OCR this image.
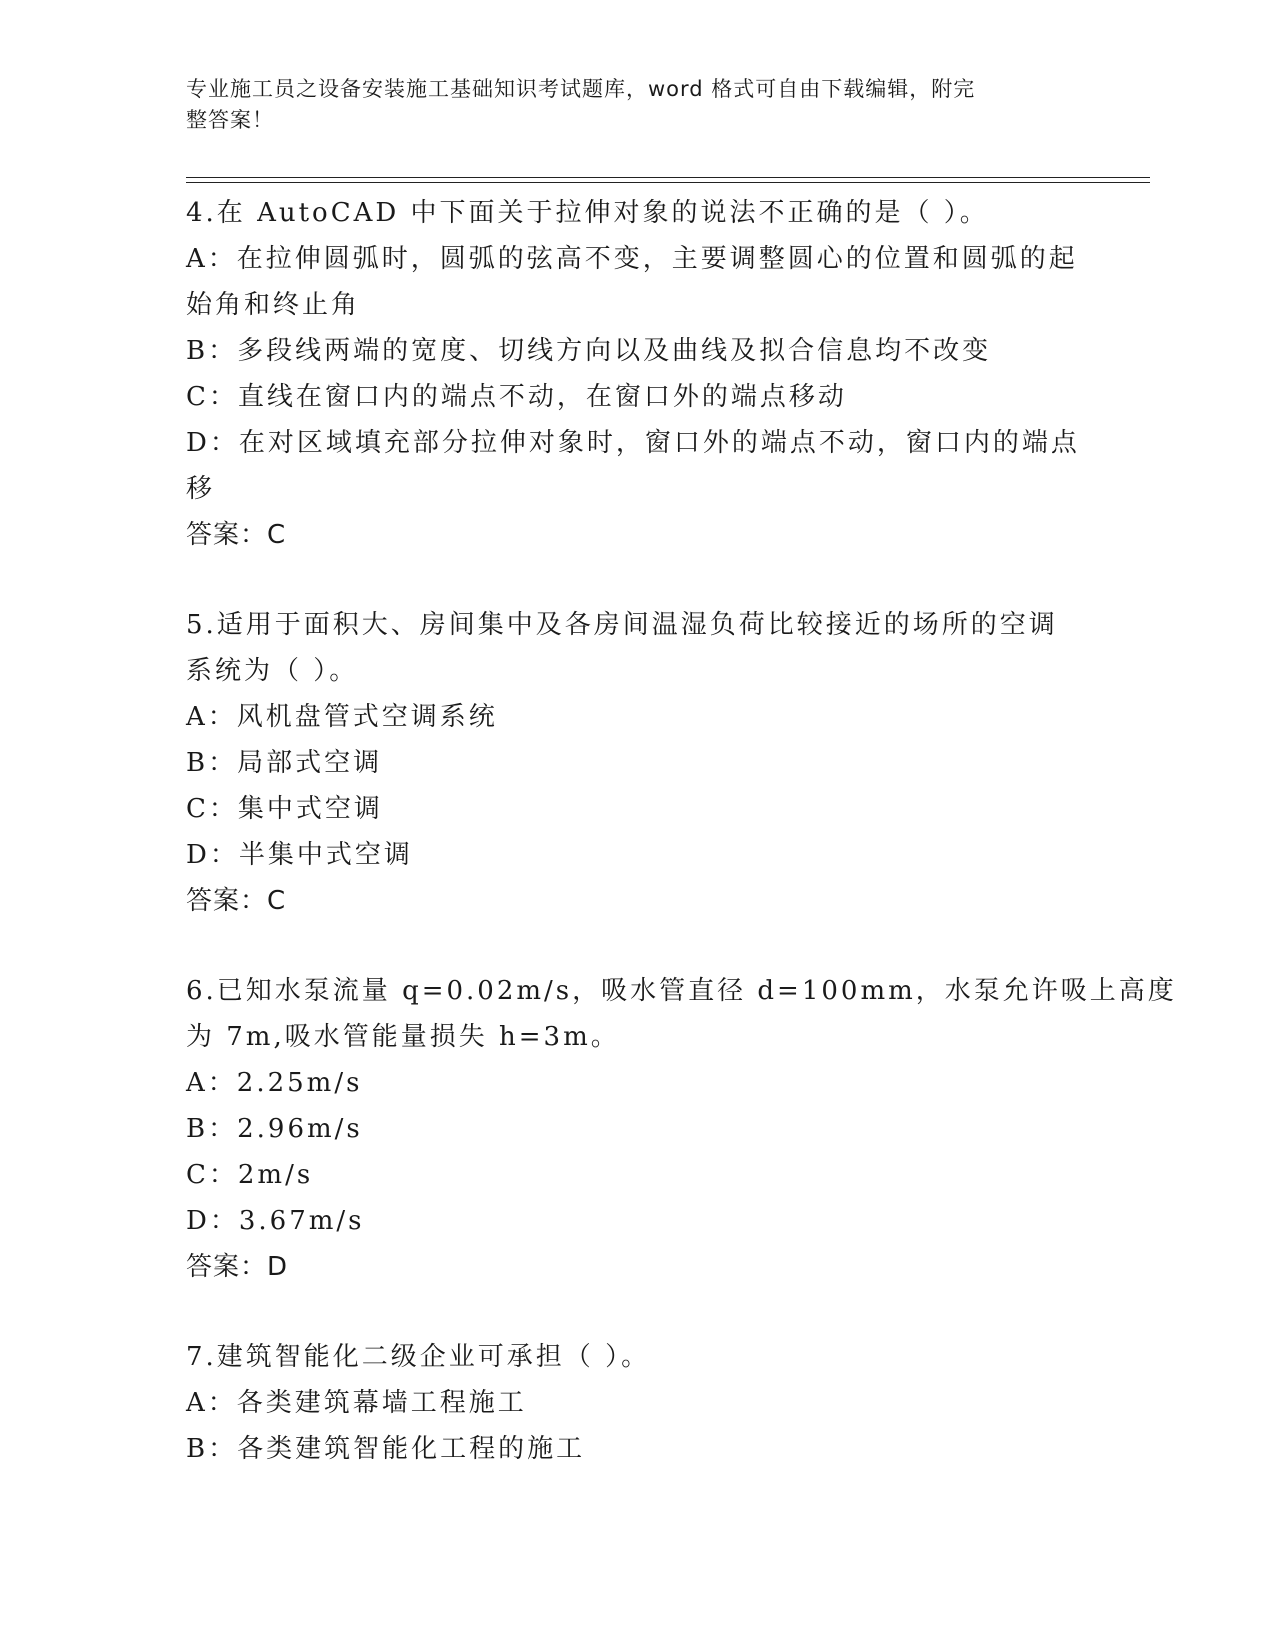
专业施工员之设备安装施工基础知识考试题库，word 格式可自由下载编辑，附完
整答案！
4.在 AutoCAD 中下面关于拉伸对象的说法不正确的是（ ）。
A：在拉伸圆弧时，圆弧的弦高不变，主要调整圆心的位置和圆弧的起
始角和终止角
B：多段线两端的宽度、切线方向以及曲线及拟合信息均不改变
C：直线在窗口内的端点不动，在窗口外的端点移动
D：在对区域填充部分拉伸对象时，窗口外的端点不动，窗口内的端点
移
答案：C
5.适用于面积大、房间集中及各房间温湿负荷比较接近的场所的空调
系统为（ ）。
A：风机盘管式空调系统
B：局部式空调
C：集中式空调
D：半集中式空调
答案：C
6.已知水泵流量 q=0.02m/s，吸水管直径 d=100mm，水泵允许吸上高度
为 7m,吸水管能量损失 h=3m。
A：2.25m/s
B：2.96m/s
C：2m/s
D：3.67m/s
答案：D
7.建筑智能化二级企业可承担（ ）。
A：各类建筑幕墙工程施工
B：各类建筑智能化工程的施工
